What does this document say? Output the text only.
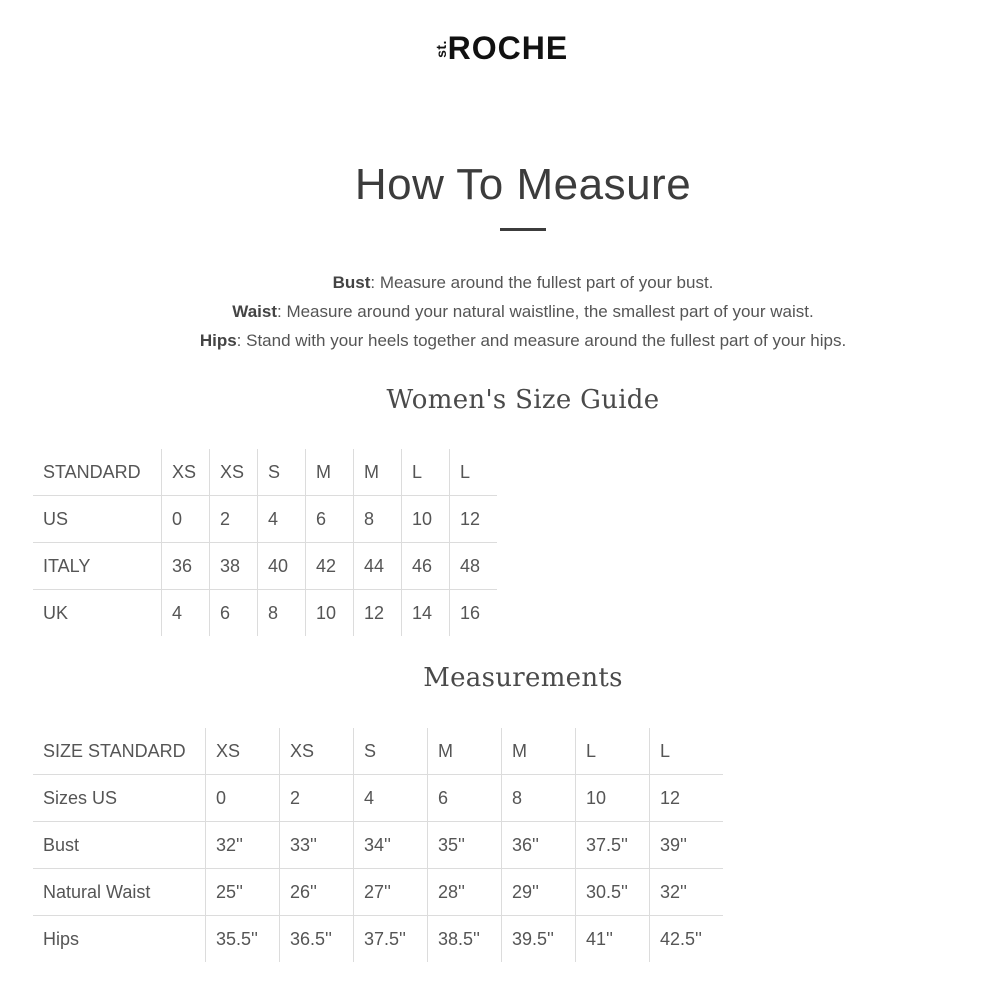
st.
ROCHE
How To Measure
Bust: Measure around the fullest part of your bust.
Waist: Measure around your natural waistline, the smallest part of your waist.
Hips: Stand with your heels together and measure around the fullest part of your hips.
Women's Size Guide
STANDARD	XS	XS	S	M	M	L	L
US	0	2	4	6	8	10	12
ITALY	36	38	40	42	44	46	48
UK	4	6	8	10	12	14	16
Measurements
SIZE STANDARD	XS	XS	S	M	M	L	L
Sizes US	0	2	4	6	8	10	12
Bust	32''	33''	34''	35''	36''	37.5''	39''
Natural Waist	25''	26''	27''	28''	29''	30.5''	32''
Hips	35.5''	36.5''	37.5''	38.5''	39.5''	41''	42.5''
